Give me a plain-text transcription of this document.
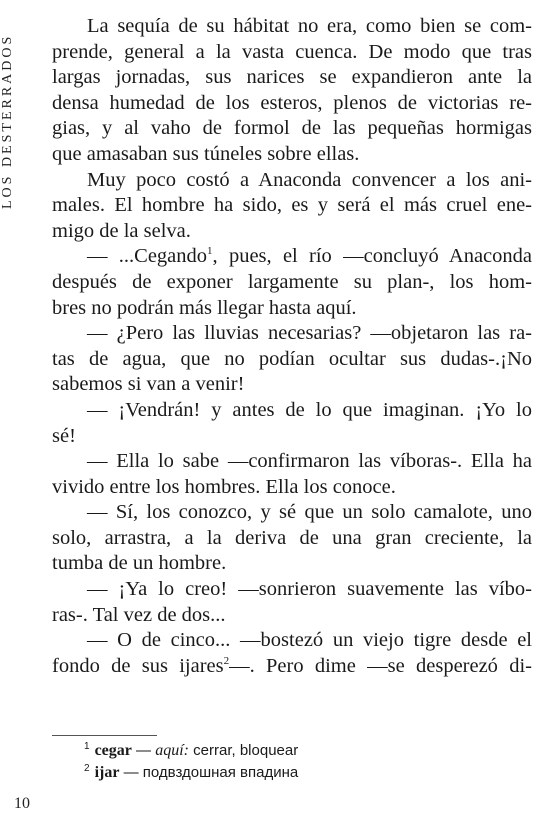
LOS DESTERRADOS
La sequía de su hábitat no era, como bien se com-
prende, general a la vasta cuenca. De modo que tras
largas jornadas, sus narices se expandieron ante la
densa humedad de los esteros, plenos de victorias re-
gias, y al vaho de formol de las pequeñas hormigas
que amasaban sus túneles sobre ellas.
Muy poco costó a Anaconda convencer a los ani-
males. El hombre ha sido, es y será el más cruel ene-
migo de la selva.
— ...Cegando$^1$, pues, el río —concluyó Anaconda
después de exponer largamente su plan-, los hom-
bres no podrán más llegar hasta aquí.
— ¿Pero las lluvias necesarias? —objetaron las ra-
tas de agua, que no podían ocultar sus dudas-.¡No
sabemos si van a venir!
— ¡Vendrán! y antes de lo que imaginan. ¡Yo lo
sé!
— Ella lo sabe —confirmaron las víboras-. Ella ha
vivido entre los hombres. Ella los conoce.
— Sí, los conozco, y sé que un solo camalote, uno
solo, arrastra, a la deriva de una gran creciente, la
tumba de un hombre.
— ¡Ya lo creo! —sonrieron suavemente las víbo-
ras-. Tal vez de dos...
— O de cinco... —bostezó un viejo tigre desde el
fondo de sus ijares$^2$—. Pero dime —se desperezó di-
$^1$ cegar — aquí: cerrar, bloquear
$^2$ ijar — подвздошная впадина
10
